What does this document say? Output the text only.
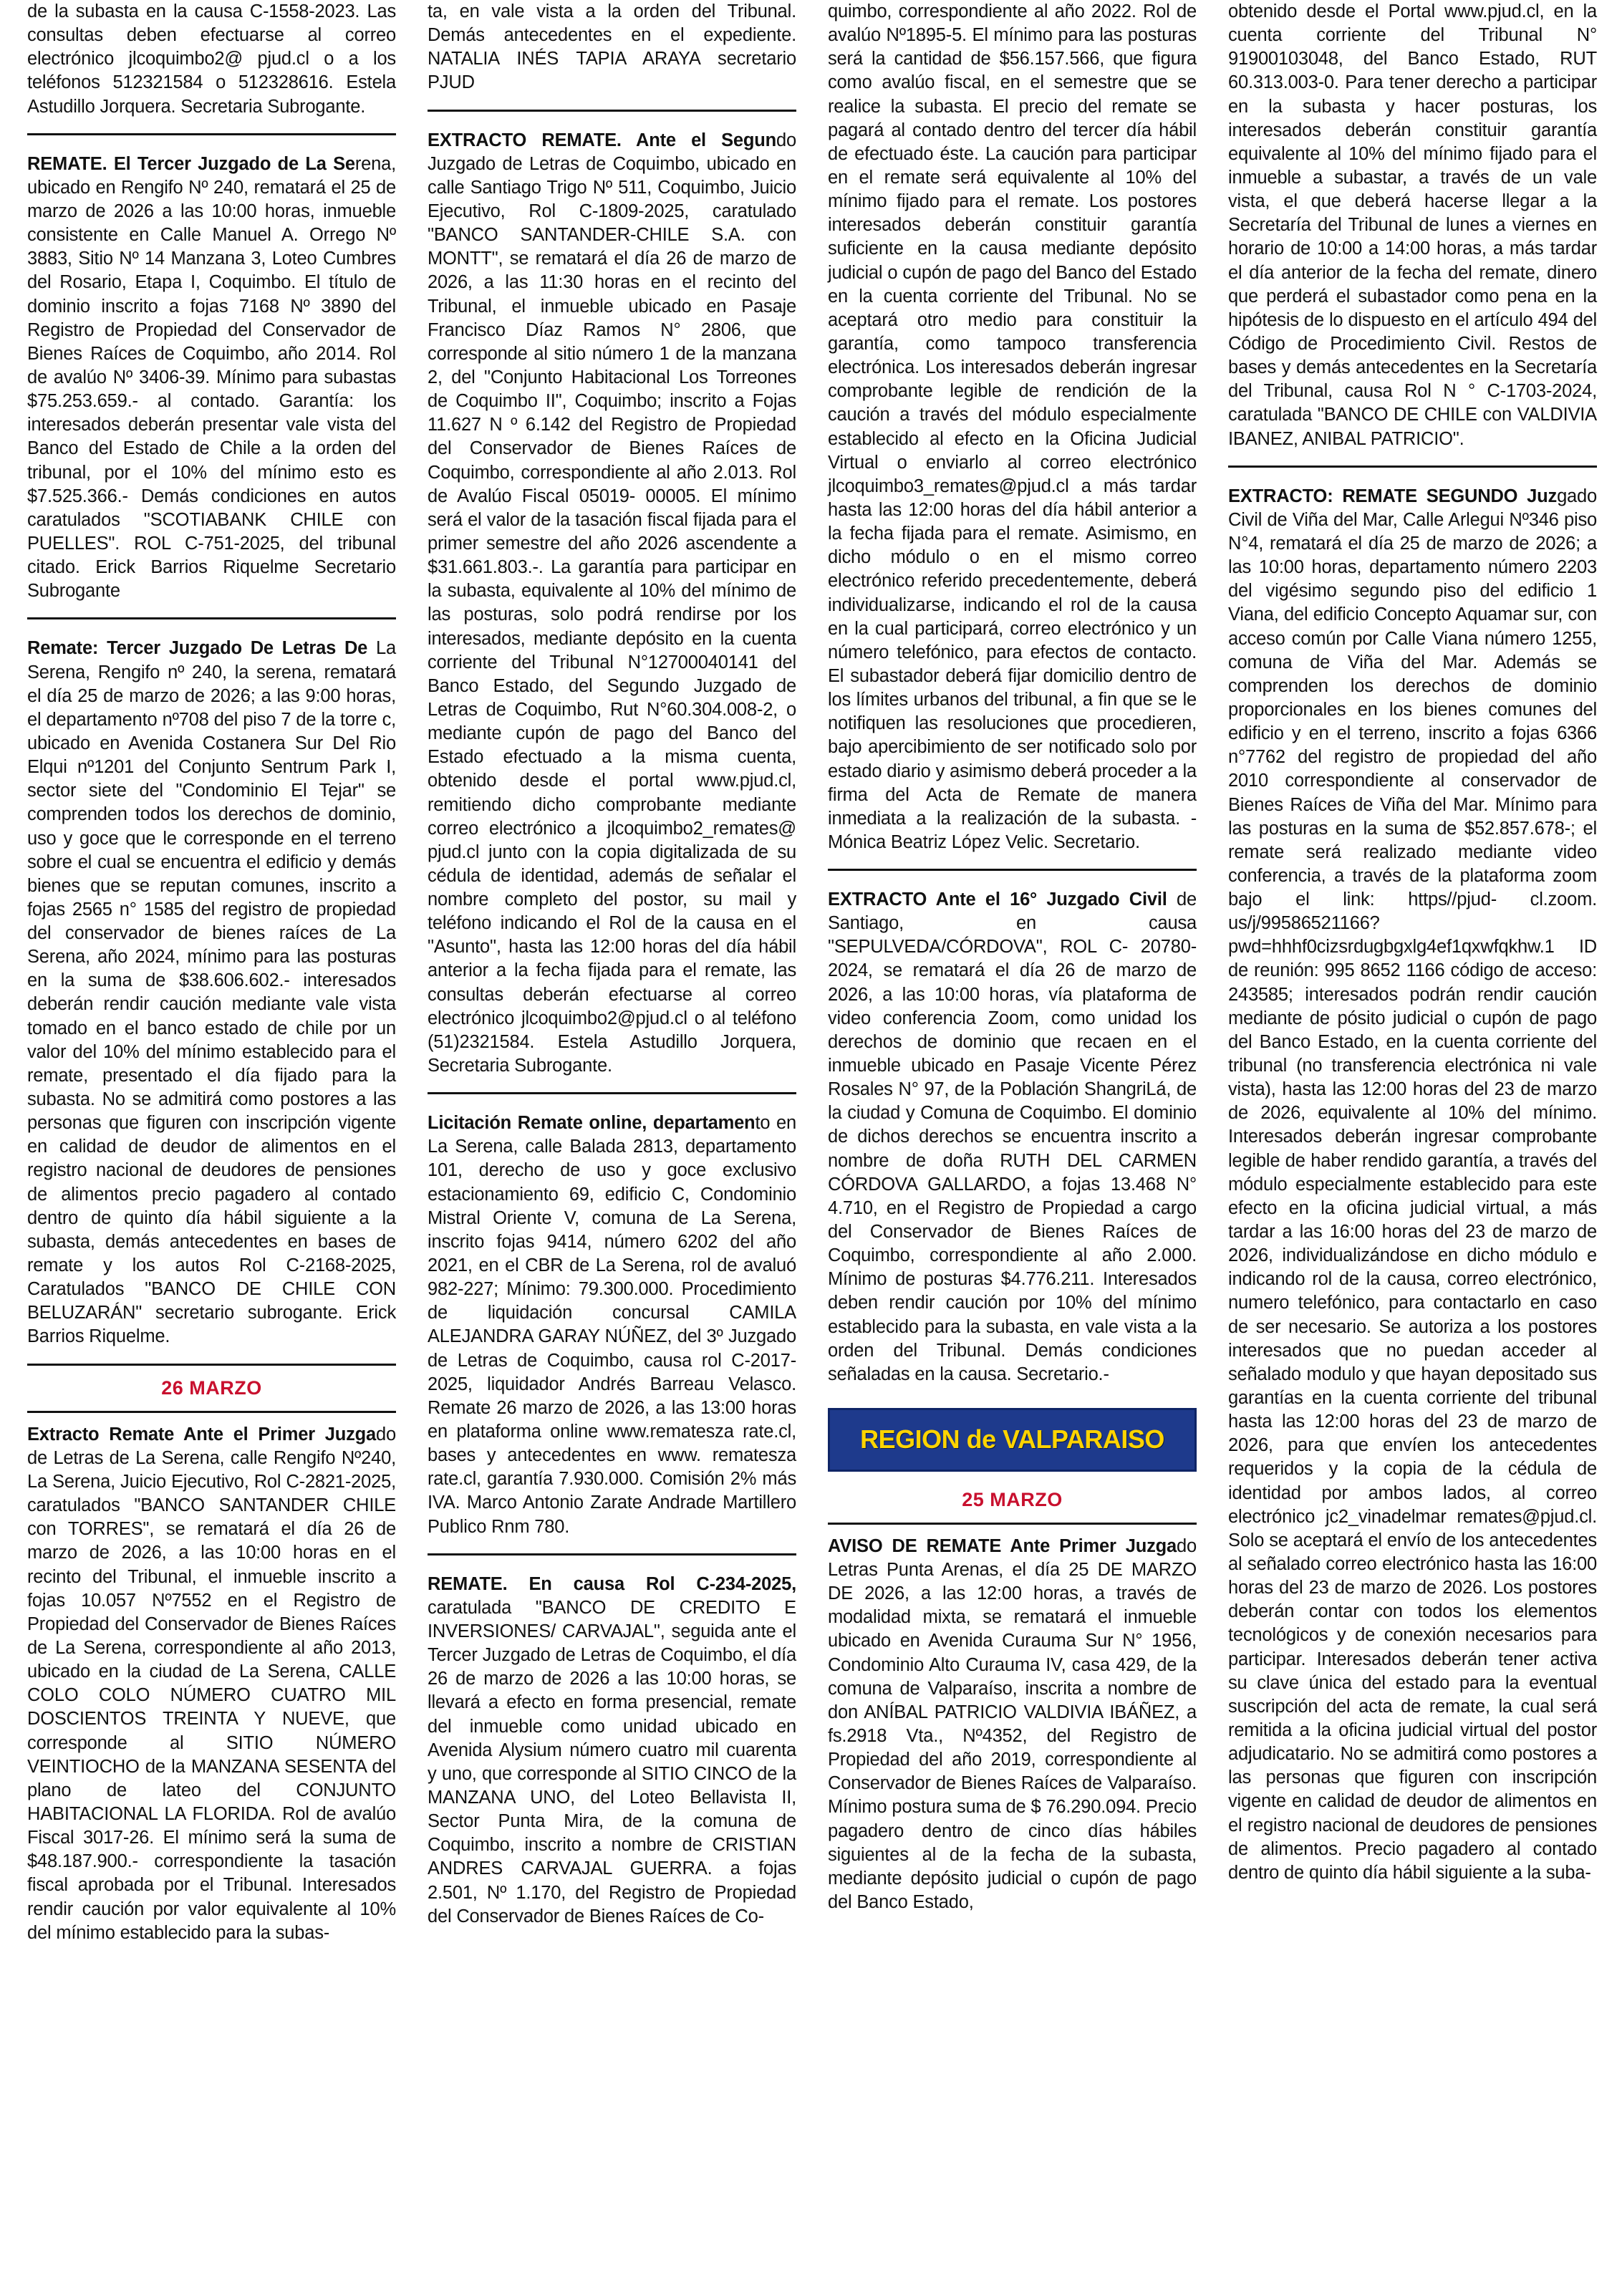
de la subasta en la causa C-1558-2023. Las consultas deben efectuarse al correo electrónico jlcoquimbo2@ pjud.cl o a los teléfonos 512321584 o 512328616. Estela Astudillo Jorquera. Secretaria Subrogante.

REMATE. El Tercer Juzgado de La Serena, ubicado en Rengifo Nº 240, rematará el 25 de marzo de 2026 a las 10:00 horas, inmueble consistente en Calle Manuel A. Orrego Nº 3883, Sitio Nº 14 Manzana 3, Loteo Cumbres del Rosario, Etapa I, Coquimbo. El título de dominio inscrito a fojas 7168 Nº 3890 del Registro de Propiedad del Conservador de Bienes Raíces de Coquimbo, año 2014. Rol de avalúo Nº 3406-39. Mínimo para subastas $75.253.659.- al contado. Garantía: los interesados deberán presentar vale vista del Banco del Estado de Chile a la orden del tribunal, por el 10% del mínimo esto es $7.525.366.- Demás condiciones en autos caratulados "SCOTIABANK CHILE con PUELLES". ROL C-751-2025, del tribunal citado. Erick Barrios Riquelme Secretario Subrogante

Remate: Tercer Juzgado De Letras De La Serena, Rengifo nº 240, la serena, rematará el día 25 de marzo de 2026; a las 9:00 horas, el departamento nº708 del piso 7 de la torre c, ubicado en Avenida Costanera Sur Del Rio Elqui nº1201 del Conjunto Sentrum Park I, sector siete del "Condominio El Tejar" se comprenden todos los derechos de dominio, uso y goce que le corresponde en el terreno sobre el cual se encuentra el edificio y demás bienes que se reputan comunes, inscrito a fojas 2565 n° 1585 del registro de propiedad del conservador de bienes raíces de La Serena, año 2024, mínimo para las posturas en la suma de $38.606.602.- interesados deberán rendir caución mediante vale vista tomado en el banco estado de chile por un valor del 10% del mínimo establecido para el remate, presentado el día fijado para la subasta. No se admitirá como postores a las personas que figuren con inscripción vigente en calidad de deudor de alimentos en el registro nacional de deudores de pensiones de alimentos precio pagadero al contado dentro de quinto día hábil siguiente a la subasta, demás antecedentes en bases de remate y los autos Rol C-2168-2025, Caratulados "BANCO DE CHILE CON BELUZARÁN" secretario subrogante. Erick Barrios Riquelme.

26 MARZO

Extracto Remate Ante el Primer Juzgado de Letras de La Serena, calle Rengifo Nº240, La Serena, Juicio Ejecutivo, Rol C-2821-2025, caratulados "BANCO SANTANDER CHILE con TORRES", se rematará el día 26 de marzo de 2026, a las 10:00 horas en el recinto del Tribunal, el inmueble inscrito a fojas 10.057 Nº7552 en el Registro de Propiedad del Conservador de Bienes Raíces de La Serena, correspondiente al año 2013, ubicado en la ciudad de La Serena, CALLE COLO COLO NÚMERO CUATRO MIL DOSCIENTOS TREINTA Y NUEVE, que corresponde al SITIO NÚMERO VEINTIOCHO de la MANZANA SESENTA del plano de lateo del CONJUNTO HABITACIONAL LA FLORIDA. Rol de avalúo Fiscal 3017-26. El mínimo será la suma de $48.187.900.- correspondiente la tasación fiscal aprobada por el Tribunal. Interesados rendir caución por valor equivalente al 10% del mínimo establecido para la subas-

ta, en vale vista a la orden del Tribunal. Demás antecedentes en el expediente. NATALIA INÉS TAPIA ARAYA secretario PJUD

EXTRACTO REMATE. Ante el Segundo Juzgado de Letras de Coquimbo, ubicado en calle Santiago Trigo Nº 511, Coquimbo, Juicio Ejecutivo, Rol C-1809-2025, caratulado "BANCO SANTANDER-CHILE S.A. con MONTT", se rematará el día 26 de marzo de 2026, a las 11:30 horas en el recinto del Tribunal, el inmueble ubicado en Pasaje Francisco Díaz Ramos N° 2806, que corresponde al sitio número 1 de la manzana 2, del "Conjunto Habitacional Los Torreones de Coquimbo II", Coquimbo; inscrito a Fojas 11.627 N º 6.142 del Registro de Propiedad del Conservador de Bienes Raíces de Coquimbo, correspondiente al año 2.013. Rol de Avalúo Fiscal 05019- 00005. El mínimo será el valor de la tasación fiscal fijada para el primer semestre del año 2026 ascendente a $31.661.803.-. La garantía para participar en la subasta, equivalente al 10% del mínimo de las posturas, solo podrá rendirse por los interesados, mediante depósito en la cuenta corriente del Tribunal N°12700040141 del Banco Estado, del Segundo Juzgado de Letras de Coquimbo, Rut N°60.304.008-2, o mediante cupón de pago del Banco del Estado efectuado a la misma cuenta, obtenido desde el portal www.pjud.cl, remitiendo dicho comprobante mediante correo electrónico a jlcoquimbo2_remates@ pjud.cl junto con la copia digitalizada de su cédula de identidad, además de señalar el nombre completo del postor, su mail y teléfono indicando el Rol de la causa en el "Asunto", hasta las 12:00 horas del día hábil anterior a la fecha fijada para el remate, las consultas deberán efectuarse al correo electrónico jlcoquimbo2@pjud.cl o al teléfono (51)2321584. Estela Astudillo Jorquera, Secretaria Subrogante.

Licitación Remate online, departamento en La Serena, calle Balada 2813, departamento 101, derecho de uso y goce exclusivo estacionamiento 69, edificio C, Condominio Mistral Oriente V, comuna de La Serena, inscrito fojas 9414, número 6202 del año 2021, en el CBR de La Serena, rol de avaluó 982-227; Mínimo: 79.300.000. Procedimiento de liquidación concursal CAMILA ALEJANDRA GARAY NÚÑEZ, del 3º Juzgado de Letras de Coquimbo, causa rol C-2017-2025, liquidador Andrés Barreau Velasco. Remate 26 marzo de 2026, a las 13:00 horas en plataforma online www.rematesza rate.cl, bases y antecedentes en www. rematesza rate.cl, garantía 7.930.000. Comisión 2% más IVA. Marco Antonio Zarate Andrade Martillero Publico Rnm 780.

REMATE. En causa Rol C-234-2025, caratulada "BANCO DE CREDITO E INVERSIONES/ CARVAJAL", seguida ante el Tercer Juzgado de Letras de Coquimbo, el día 26 de marzo de 2026 a las 10:00 horas, se llevará a efecto en forma presencial, remate del inmueble como unidad ubicado en Avenida Alysium número cuatro mil cuarenta y uno, que corresponde al SITIO CINCO de la MANZANA UNO, del Loteo Bellavista II, Sector Punta Mira, de la comuna de Coquimbo, inscrito a nombre de CRISTIAN ANDRES CARVAJAL GUERRA. a fojas 2.501, Nº 1.170, del Registro de Propiedad del Conservador de Bienes Raíces de Co-

quimbo, correspondiente al año 2022. Rol de avalúo Nº1895-5. El mínimo para las posturas será la cantidad de $56.157.566, que figura como avalúo fiscal, en el semestre que se realice la subasta. El precio del remate se pagará al contado dentro del tercer día hábil de efectuado éste. La caución para participar en el remate será equivalente al 10% del mínimo fijado para el remate. Los postores interesados deberán constituir garantía suficiente en la causa mediante depósito judicial o cupón de pago del Banco del Estado en la cuenta corriente del Tribunal. No se aceptará otro medio para constituir la garantía, como tampoco transferencia electrónica. Los interesados deberán ingresar comprobante legible de rendición de la caución a través del módulo especialmente establecido al efecto en la Oficina Judicial Virtual o enviarlo al correo electrónico jlcoquimbo3_remates@pjud.cl a más tardar hasta las 12:00 horas del día hábil anterior a la fecha fijada para el remate. Asimismo, en dicho módulo o en el mismo correo electrónico referido precedentemente, deberá individualizarse, indicando el rol de la causa en la cual participará, correo electrónico y un número telefónico, para efectos de contacto. El subastador deberá fijar domicilio dentro de los límites urbanos del tribunal, a fin que se le notifiquen las resoluciones que procedieren, bajo apercibimiento de ser notificado solo por estado diario y asimismo deberá proceder a la firma del Acta de Remate de manera inmediata a la realización de la subasta. - Mónica Beatriz López Velic. Secretario.

EXTRACTO Ante el 16° Juzgado Civil de Santiago, en causa "SEPULVEDA/CÓRDOVA", ROL C- 20780-2024, se rematará el día 26 de marzo de 2026, a las 10:00 horas, vía plataforma de video conferencia Zoom, como unidad los derechos de dominio que recaen en el inmueble ubicado en Pasaje Vicente Pérez Rosales N° 97, de la Población ShangriLá, de la ciudad y Comuna de Coquimbo. El dominio de dichos derechos se encuentra inscrito a nombre de doña RUTH DEL CARMEN CÓRDOVA GALLARDO, a fojas 13.468 N° 4.710, en el Registro de Propiedad a cargo del Conservador de Bienes Raíces de Coquimbo, correspondiente al año 2.000. Mínimo de posturas $4.776.211. Interesados deben rendir caución por 10% del mínimo establecido para la subasta, en vale vista a la orden del Tribunal. Demás condiciones señaladas en la causa. Secretario.-

REGION de VALPARAISO
25 MARZO

AVISO DE REMATE Ante Primer Juzgado Letras Punta Arenas, el día 25 DE MARZO DE 2026, a las 12:00 horas, a través de modalidad mixta, se rematará el inmueble ubicado en Avenida Curauma Sur N° 1956, Condominio Alto Curauma IV, casa 429, de la comuna de Valparaíso, inscrita a nombre de don ANÍBAL PATRICIO VALDIVIA IBÁÑEZ, a fs.2918 Vta., Nº4352, del Registro de Propiedad del año 2019, correspondiente al Conservador de Bienes Raíces de Valparaíso. Mínimo postura suma de $ 76.290.094. Precio pagadero dentro de cinco días hábiles siguientes al de la fecha de la subasta, mediante depósito judicial o cupón de pago del Banco Estado,

obtenido desde el Portal www.pjud.cl, en la cuenta corriente del Tribunal N° 91900103048, del Banco Estado, RUT 60.313.003-0. Para tener derecho a participar en la subasta y hacer posturas, los interesados deberán constituir garantía equivalente al 10% del mínimo fijado para el inmueble a subastar, a través de un vale vista, el que deberá hacerse llegar a la Secretaría del Tribunal de lunes a viernes en horario de 10:00 a 14:00 horas, a más tardar el día anterior de la fecha del remate, dinero que perderá el subastador como pena en la hipótesis de lo dispuesto en el artículo 494 del Código de Procedimiento Civil. Restos de bases y demás antecedentes en la Secretaría del Tribunal, causa Rol N ° C-1703-2024, caratulada "BANCO DE CHILE con VALDIVIA IBANEZ, ANIBAL PATRICIO".

EXTRACTO: REMATE SEGUNDO Juzgado Civil de Viña del Mar, Calle Arlegui Nº346 piso N°4, rematará el día 25 de marzo de 2026; a las 10:00 horas, departamento número 2203 del vigésimo segundo piso del edificio 1 Viana, del edificio Concepto Aquamar sur, con acceso común por Calle Viana número 1255, comuna de Viña del Mar. Además se comprenden los derechos de dominio proporcionales en los bienes comunes del edificio y en el terreno, inscrito a fojas 6366 n°7762 del registro de propiedad del año 2010 correspondiente al conservador de Bienes Raíces de Viña del Mar. Mínimo para las posturas en la suma de $52.857.678-; el remate será realizado mediante video conferencia, a través de la plataforma zoom bajo el link: https//pjud- cl.zoom. us/j/99586521166?pwd=hhhf0cizsrdugbgxlg4ef1qxwfqkhw.1 ID de reunión: 995 8652 1166 código de acceso: 243585; interesados podrán rendir caución mediante de pósito judicial o cupón de pago del Banco Estado, en la cuenta corriente del tribunal (no transferencia electrónica ni vale vista), hasta las 12:00 horas del 23 de marzo de 2026, equivalente al 10% del mínimo. Interesados deberán ingresar comprobante legible de haber rendido garantía, a través del módulo especialmente establecido para este efecto en la oficina judicial virtual, a más tardar a las 16:00 horas del 23 de marzo de 2026, individualizándose en dicho módulo e indicando rol de la causa, correo electrónico, numero telefónico, para contactarlo en caso de ser necesario. Se autoriza a los postores interesados que no puedan acceder al señalado modulo y que hayan depositado sus garantías en la cuenta corriente del tribunal hasta las 12:00 horas del 23 de marzo de 2026, para que envíen los antecedentes requeridos y la copia de la cédula de identidad por ambos lados, al correo electrónico jc2_vinadelmar remates@pjud.cl. Solo se aceptará el envío de los antecedentes al señalado correo electrónico hasta las 16:00 horas del 23 de marzo de 2026. Los postores deberán contar con todos los elementos tecnológicos y de conexión necesarios para participar. Interesados deberán tener activa su clave única del estado para la eventual suscripción del acta de remate, la cual será remitida a la oficina judicial virtual del postor adjudicatario. No se admitirá como postores a las personas que figuren con inscripción vigente en calidad de deudor de alimentos en el registro nacional de deudores de pensiones de alimentos. Precio pagadero al contado dentro de quinto día hábil siguiente a la suba-
